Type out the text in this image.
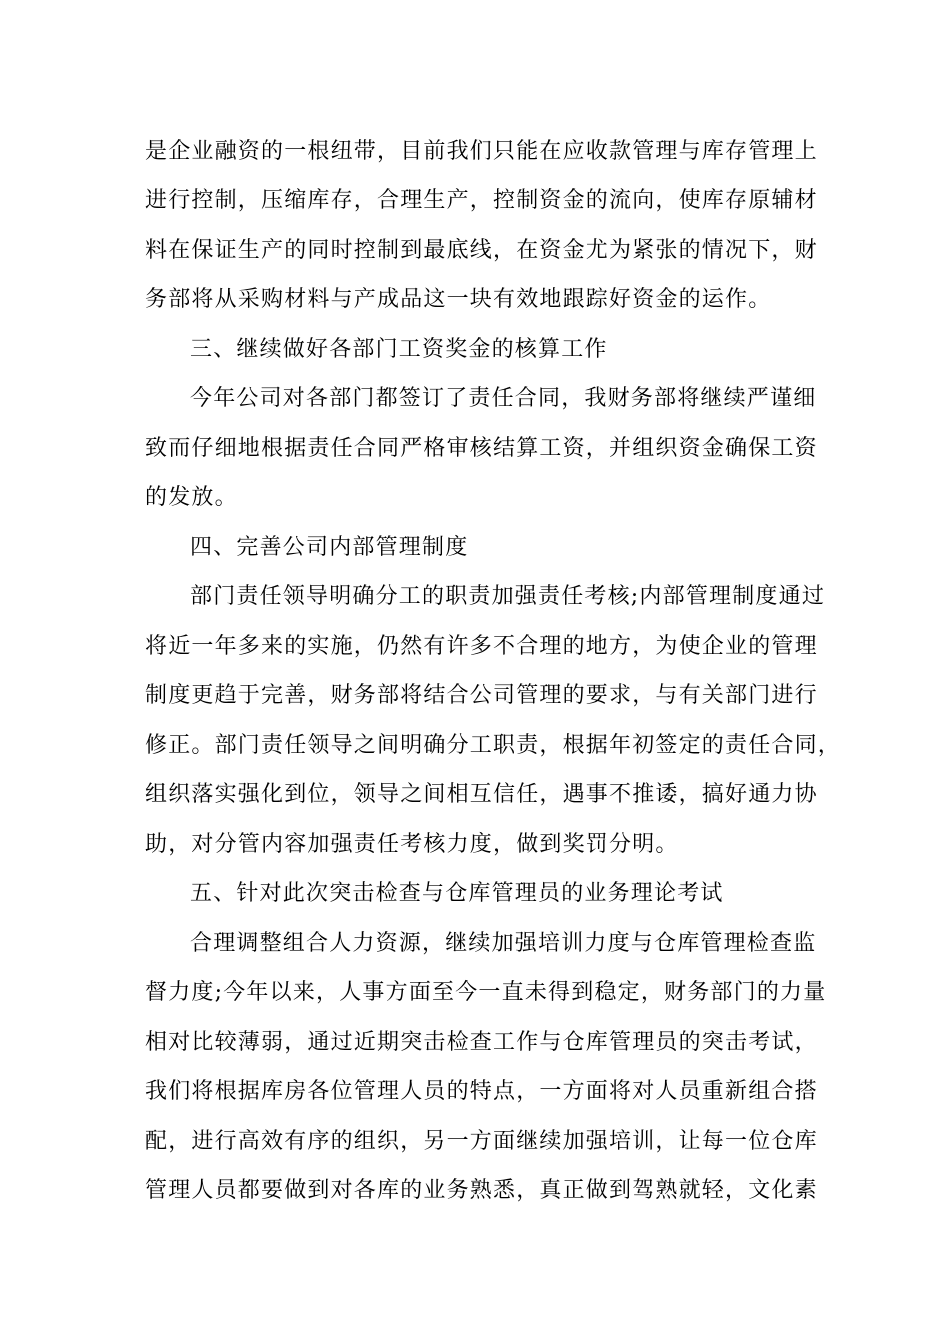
是企业融资的一根纽带，目前我们只能在应收款管理与库存管理上
进行控制，压缩库存，合理生产，控制资金的流向，使库存原辅材
料在保证生产的同时控制到最底线，在资金尤为紧张的情况下，财
务部将从采购材料与产成品这一块有效地跟踪好资金的运作。
三、继续做好各部门工资奖金的核算工作
今年公司对各部门都签订了责任合同，我财务部将继续严谨细
致而仔细地根据责任合同严格审核结算工资，并组织资金确保工资
的发放。
四、完善公司内部管理制度
部门责任领导明确分工的职责加强责任考核;内部管理制度通过
将近一年多来的实施，仍然有许多不合理的地方，为使企业的管理
制度更趋于完善，财务部将结合公司管理的要求，与有关部门进行
修正。部门责任领导之间明确分工职责，根据年初签定的责任合同，
组织落实强化到位，领导之间相互信任，遇事不推诿，搞好通力协
助，对分管内容加强责任考核力度，做到奖罚分明。
五、针对此次突击检查与仓库管理员的业务理论考试
合理调整组合人力资源，继续加强培训力度与仓库管理检查监
督力度;今年以来，人事方面至今一直未得到稳定，财务部门的力量
相对比较薄弱，通过近期突击检查工作与仓库管理员的突击考试，
我们将根据库房各位管理人员的特点，一方面将对人员重新组合搭
配，进行高效有序的组织，另一方面继续加强培训，让每一位仓库
管理人员都要做到对各库的业务熟悉，真正做到驾熟就轻，文化素
